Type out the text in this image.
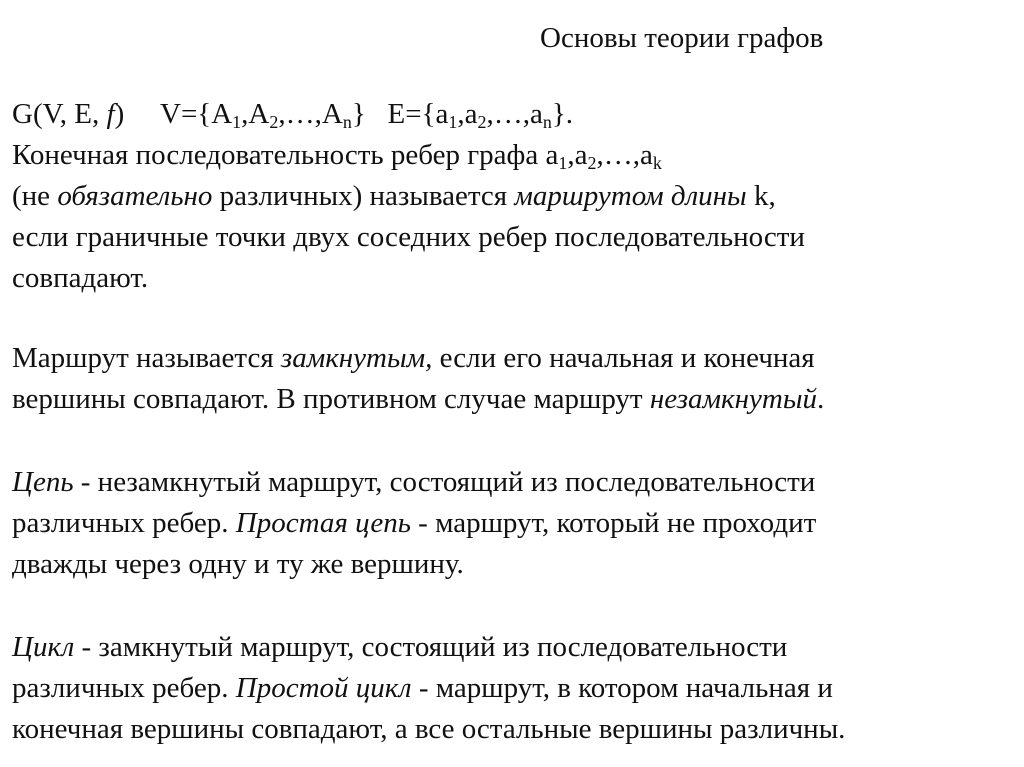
Основы теории графов
G(V, E, f) $V=\{A_1,A_2,\dots,A_n\}$ $E=\{a_1,a_2,\dots,a_n\}$.
Конечная последовательность ребер графа $a_1,a_2,\dots,a_k$
(не обязательно различных) называется маршрутом длины k,
если граничные точки двух соседних ребер последовательности
совпадают.
Маршрут называется замкнутым, если его начальная и конечная
вершины совпадают. В противном случае маршрут незамкнутый.
Цепь - незамкнутый маршрут, состоящий из последовательности
различных ребер. Простая цепь - маршрут, который не проходит
дважды через одну и ту же вершину.
Цикл - замкнутый маршрут, состоящий из последовательности
различных ребер. Простой цикл - маршрут, в котором начальная и
конечная вершины совпадают, а все остальные вершины различны.
